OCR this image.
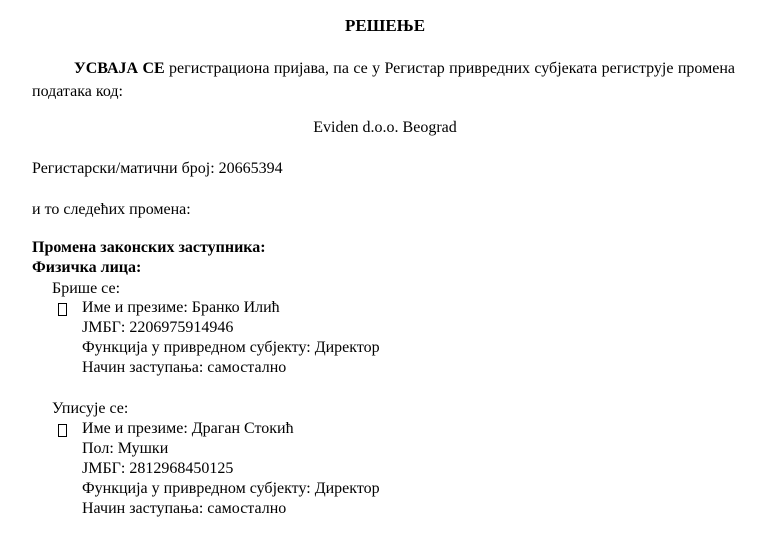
РЕШЕЊЕ
УСВАЈА СЕ регистрациона пријава, па се у Регистар привредних субјеката региструје промена података код:
Eviden d.o.o. Beograd
Регистарски/матични број: 20665394
и то следећих промена:
Промена законских заступника:
Физичка лица:
Брише се:
Име и презиме: Бранко Илић
ЈМБГ: 2206975914946
Функција у привредном субјекту: Директор
Начин заступања: самостално
Уписује се:
Име и презиме: Драган Стокић
Пол: Мушки
ЈМБГ: 2812968450125
Функција у привредном субјекту: Директор
Начин заступања: самостално
